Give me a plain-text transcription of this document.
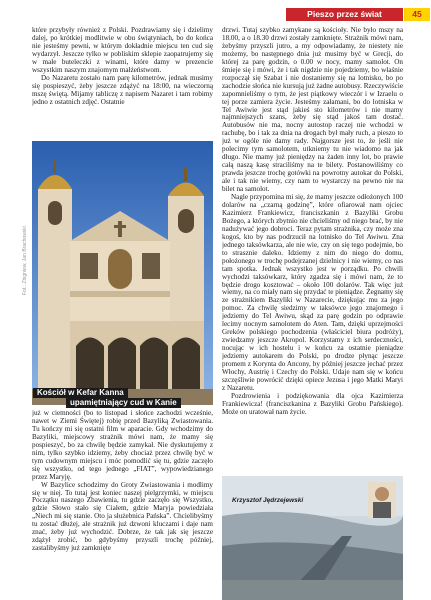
Pieszo przez świat	45

które przybyły również z Polski. Pozdrawiamy się i dzielimy dalej, po krótkiej modlitwie w obu świątyniach, bo do końca nie jesteśmy pewni, w którym dokładnie miejscu ten cud się wydarzył. Jeszcze tylko w pobliskim sklepie zaopatrujemy się w małe buteleczki z winami, które damy w prezencie wszystkim naszym znajomym małżeństwom.

Do Nazaretu zostało nam parę kilometrów, jednak musimy się pospieszyć, żeby jeszcze zdążyć na 18:00, na wieczorną mszę świętą. Mijamy tabliczę z napisem Nazaret i tam robimy jedno z ostatnich zdjęć. Ostatnie

Fot.: Zbigniew, Jan Brachowski
Kościół w Kefar Kanna
upamiętniający cud w Kanie

już w ciemności (bo to listopad i słońce zachodzi wcześnie, nawet w Ziemi Świętej) robię przed Bazyliką Zwiastowania. Tu kończy mi się ostatni film w aparacie. Gdy wchodzimy do Bazyliki, miejscowy strażnik mówi nam, że mamy się pospieszyć, bo za chwilę będzie zamykał. Nie dyskutujemy z nim, tylko szybko idziemy, żeby chociaż przez chwilę być w tym cudownym miejscu i móc pomodlić się tu, gdzie zaczęło się wszystko, od tego jednego „FIAT”, wypowiedzianego przez Maryję.

W Bazylice schodzimy do Groty Zwiastowania i modlimy się w niej. To tutaj jest koniec naszej pielgrzymki, w miejscu Początku naszego Zbawienia, tu gdzie zaczęło się Wszystko, gdzie Słowo stało się Ciałem, gdzie Maryja powiedziała „Niech mi się stanie. Oto ja służebnica Pańska”. Chcielibyśmy tu zostać dłużej, ale strażnik już dzwoni kluczami i daje nam znać, żeby już wychodzić. Dobrze, że tak jak się jeszcze zdążył zrobić, bo gdybyśmy przyszli trochę później, zastalibyśmy już zamknięte

drzwi. Tutaj szybko zamykane są kościoły. Nie było mszy na 18.00, a o 18.30 drzwi zostały zamknięte. Strażnik mówi nam, żebyśmy przyszli jutro, a my odpowiadamy, że niestety nie możemy, bo następnego dnia już musimy być w Grecji, do której za parę godzin, o 0.00 w nocy, mamy samolot. On śmieje się i mówi, że i tak nigdzie nie pojedziemy, bo właśnie rozpoczął się Szabat i nie dostaniemy się na lotnisko, bo po zachodzie słońca nie kursują już żadne autobusy. Rzeczywiście zapomnieliśmy o tym, że jest piątkowy wieczór i w Izraelu o tej porze zamiera życie. Jesteśmy załamani, bo do lotniska w Tel Awiwie jest stąd jakieś sto kilometrów i nie mamy najmniejszych szans, żeby się stąd jakoś tam dostać. Autobusów nie ma, nocny autostop raczej nie wchodzi w rachubę, bo i tak za dnia na drogach był mały ruch, a pieszo to już w ogóle nie damy rady. Najgorsze jest to, że jeśli nie polecimy tym samolotem, utkniemy tu nie wiadomo na jak długo. Nie mamy już pieniędzy na żaden inny lot, bo prawie całą naszą kasę straciliśmy na te bilety. Postanowiliśmy co prawda jeszcze trochę gotówki na powrotny autokar do Polski, ale i tak nie wiemy, czy nam to wystarczy na pewno nie na bilet na samolot.

Nagle przypomina mi się, że mamy jeszcze odłożonych 100 dolarów na „czarną godzinę”, które ofiarował nam ojciec Kazimierz Frankiewicz, franciszkanin z Bazyliki Grobu Bożego, a których zbytnio nie chcieliśmy od niego brać, by nie nadużywać jego dobroci. Teraz pytam strażnika, czy może zna kogoś, kto by nas podrzucił na lotnisko do Tel Awiwu. Zna jednego taksówkarza, ale nie wie, czy on się tego podejmie, bo to strasznie daleko. Idziemy z nim do niego do domu, położonego w trochę podejrzanej dzielnicy i nie wiemy, co nas tam spotka. Jednak wszystko jest w porządku. Po chwili wychodzi taksówkarz, który zgadza się i mówi nam, że to będzie drogo kosztować – około 100 dolarów. Tak więc już wiemy, na co miały nam się przydać te pieniądze. Żegnamy się ze strażnikiem Bazyliki w Nazarecie, dziękując mu za jego pomoc. Za chwilę siedzimy w taksówce jego znajomego i jedziemy do Tel Awiwu, skąd za parę godzin po odprawie lecimy nocnym samolotem do Aten. Tam, dzięki uprzejmości Greków polskiego pochodzenia (właściciel biura podróży), zwiedzamy jeszcze Akropol. Korzystamy z ich serdeczności, nocując w ich hostelu i w końcu za ostatnie pieniądze jedziemy autokarem do Polski, po drodze płynąc jeszcze promem z Korynta do Ancony, by później jeszcze jechać przez Włochy, Austrię i Czechy do Polski. Udaje nam się w końcu szczęśliwie powrócić dzięki opiece Jezusa i jego Matki Maryi z Nazaretu.

Pozdrowienia i podziękowania dla ojca Kazimierza Frankiewicza! (franciszkanina z Bazyliki Grobu Pańskiego). Może on uratował nam życie.

Krzysztof Jędrzejewski
